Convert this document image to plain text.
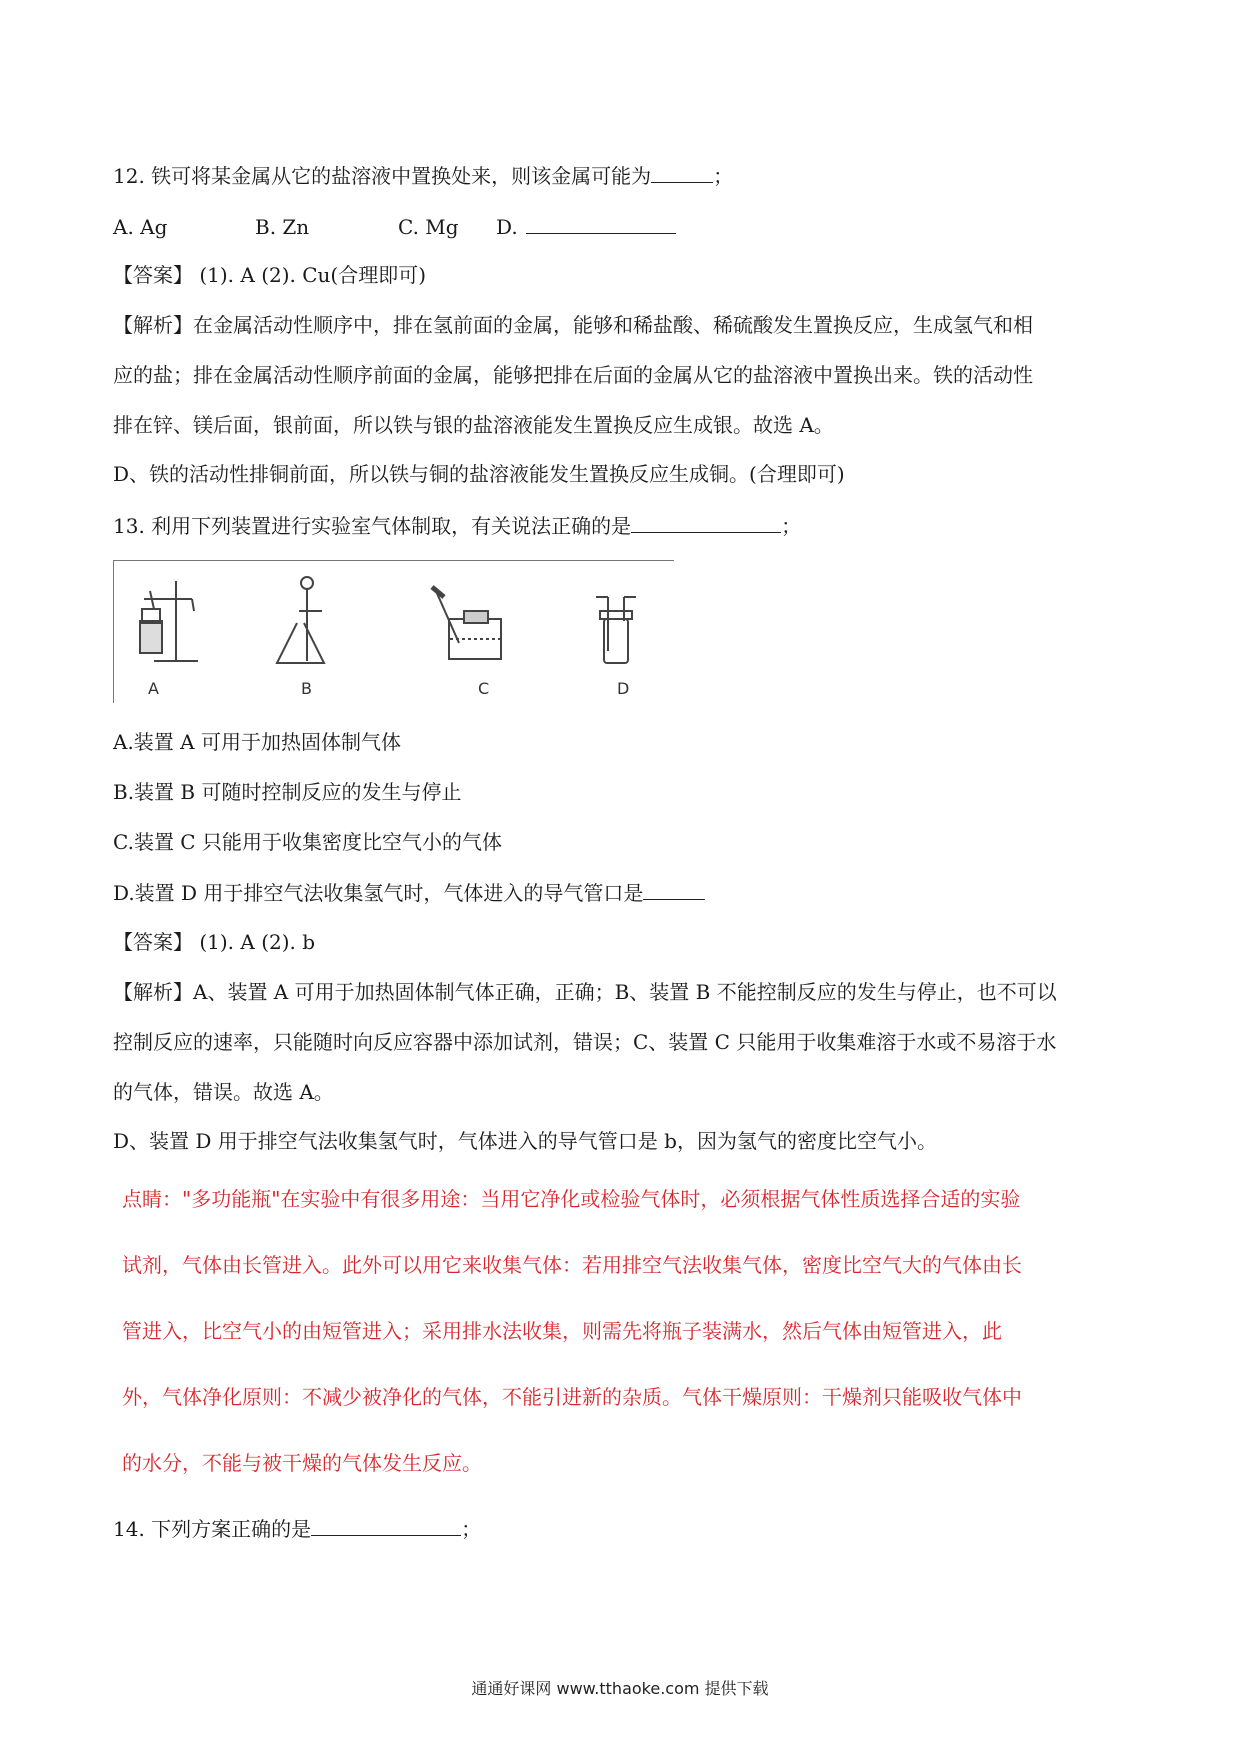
12. 铁可将某金属从它的盐溶液中置换处来，则该金属可能为	；
A. Ag	B. Zn	C. Mg D.
【答案】 (1). A (2). Cu(合理即可)
【解析】在金属活动性顺序中，排在氢前面的金属，能够和稀盐酸、稀硫酸发生置换反应，生成氢气和相
应的盐；排在金属活动性顺序前面的金属，能够把排在后面的金属从它的盐溶液中置换出来。铁的活动性
排在锌、镁后面，银前面，所以铁与银的盐溶液能发生置换反应生成银。故选 A。
D、铁的活动性排铜前面，所以铁与铜的盐溶液能发生置换反应生成铜。(合理即可)
13. 利用下列装置进行实验室气体制取，有关说法正确的是	；
A	B	C	D
A.装置 A 可用于加热固体制气体
B.装置 B 可随时控制反应的发生与停止
C.装置 C 只能用于收集密度比空气小的气体
D.装置 D 用于排空气法收集氢气时，气体进入的导气管口是
【答案】 (1). A (2). b
【解析】A、装置 A 可用于加热固体制气体正确，正确；B、装置 B 不能控制反应的发生与停止，也不可以
控制反应的速率，只能随时向反应容器中添加试剂，错误；C、装置 C 只能用于收集难溶于水或不易溶于水
的气体，错误。故选 A。
D、装置 D 用于排空气法收集氢气时，气体进入的导气管口是 b，因为氢气的密度比空气小。
点睛："多功能瓶"在实验中有很多用途：当用它净化或检验气体时，必须根据气体性质选择合适的实验
试剂，气体由长管进入。此外可以用它来收集气体：若用排空气法收集气体，密度比空气大的气体由长
管进入，比空气小的由短管进入；采用排水法收集，则需先将瓶子装满水，然后气体由短管进入，此
外，气体净化原则：不减少被净化的气体，不能引进新的杂质。气体干燥原则：干燥剂只能吸收气体中
的水分，不能与被干燥的气体发生反应。
14. 下列方案正确的是	；
通通好课网 www.tthaoke.com 提供下载
